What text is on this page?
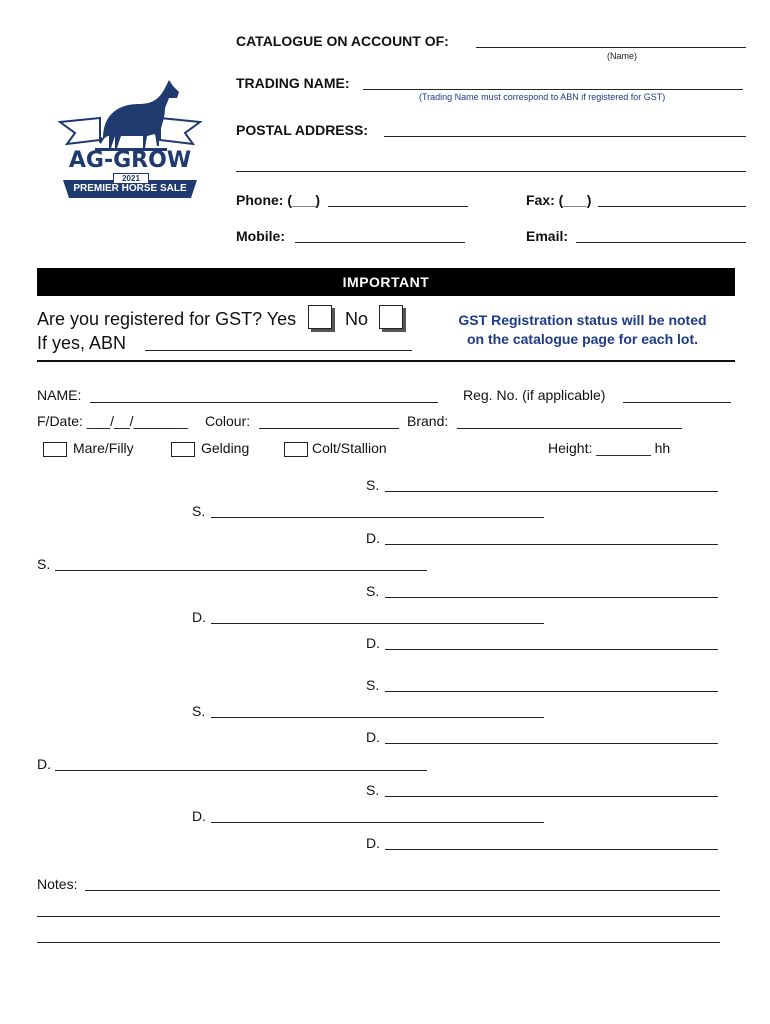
AG-GROW
2021
PREMIER HORSE SALE
CATALOGUE ON ACCOUNT OF:
(Name)
TRADING NAME:
(Trading Name must correspond to ABN if registered for GST)
POSTAL ADDRESS:
Phone: (___)	Fax: (___)
Mobile:	Email:
IMPORTANT
Are you registered for GST? Yes	No
If yes, ABN
GST Registration status will be noted
on the catalogue page for each lot.
NAME:	Reg. No. (if applicable)
F/Date: ___/__/_______ Colour:	Brand:
Mare/Filly	Gelding	Colt/Stallion	Height: _______ hh
S.
S.
D.
S.
S.
D.
D.
S.
S.
D.
D.
S.
D.
D.
Notes:
